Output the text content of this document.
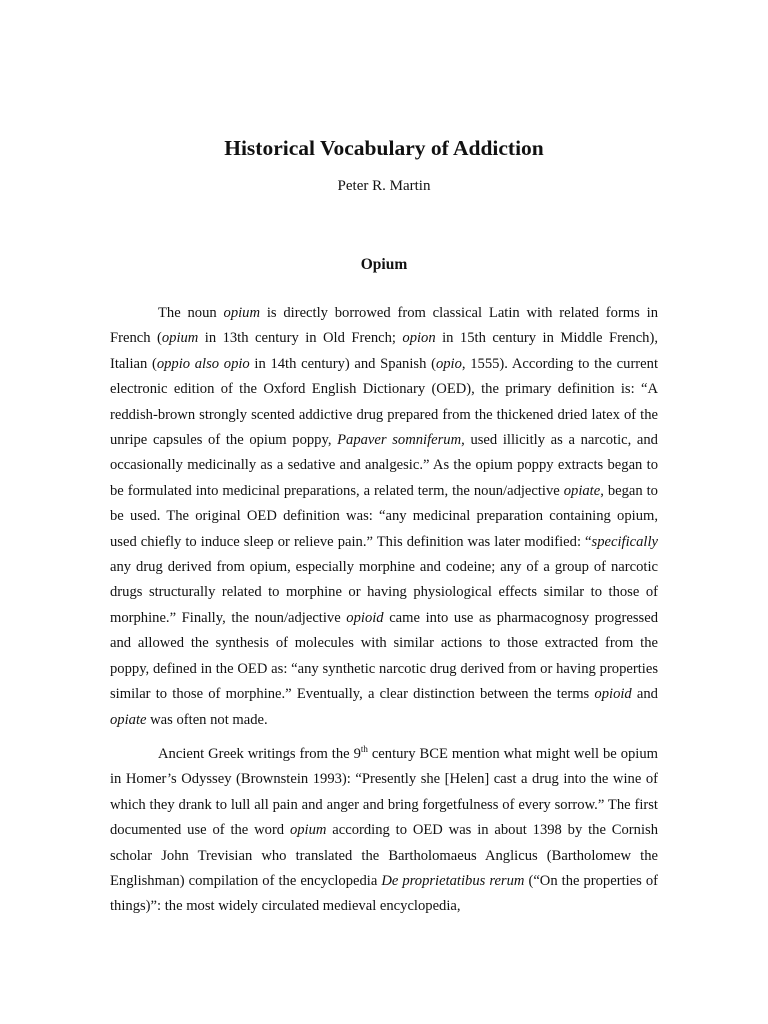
Historical Vocabulary of Addiction
Peter R. Martin
Opium

The noun opium is directly borrowed from classical Latin with related forms in French (opium in 13th century in Old French; opion in 15th century in Middle French), Italian (oppio also opio in 14th century) and Spanish (opio, 1555). According to the current electronic edition of the Oxford English Dictionary (OED), the primary definition is: “A reddish-brown strongly scented addictive drug prepared from the thickened dried latex of the unripe capsules of the opium poppy, Papaver somniferum, used illicitly as a narcotic, and occasionally medicinally as a sedative and analgesic.” As the opium poppy extracts began to be formulated into medicinal preparations, a related term, the noun/adjective opiate, began to be used. The original OED definition was: “any medicinal preparation containing opium, used chiefly to induce sleep or relieve pain.” This definition was later modified: “specifically any drug derived from opium, especially morphine and codeine; any of a group of narcotic drugs structurally related to morphine or having physiological effects similar to those of morphine.” Finally, the noun/adjective opioid came into use as pharmacognosy progressed and allowed the synthesis of molecules with similar actions to those extracted from the poppy, defined in the OED as: “any synthetic narcotic drug derived from or having properties similar to those of morphine.” Eventually, a clear distinction between the terms opioid and opiate was often not made.

Ancient Greek writings from the 9th century BCE mention what might well be opium in Homer’s Odyssey (Brownstein 1993): “Presently she [Helen] cast a drug into the wine of which they drank to lull all pain and anger and bring forgetfulness of every sorrow.” The first documented use of the word opium according to OED was in about 1398 by the Cornish scholar John Trevisian who translated the Bartholomaeus Anglicus (Bartholomew the Englishman) compilation of the encyclopedia De proprietatibus rerum (“On the properties of things)”: the most widely circulated medieval encyclopedia,
